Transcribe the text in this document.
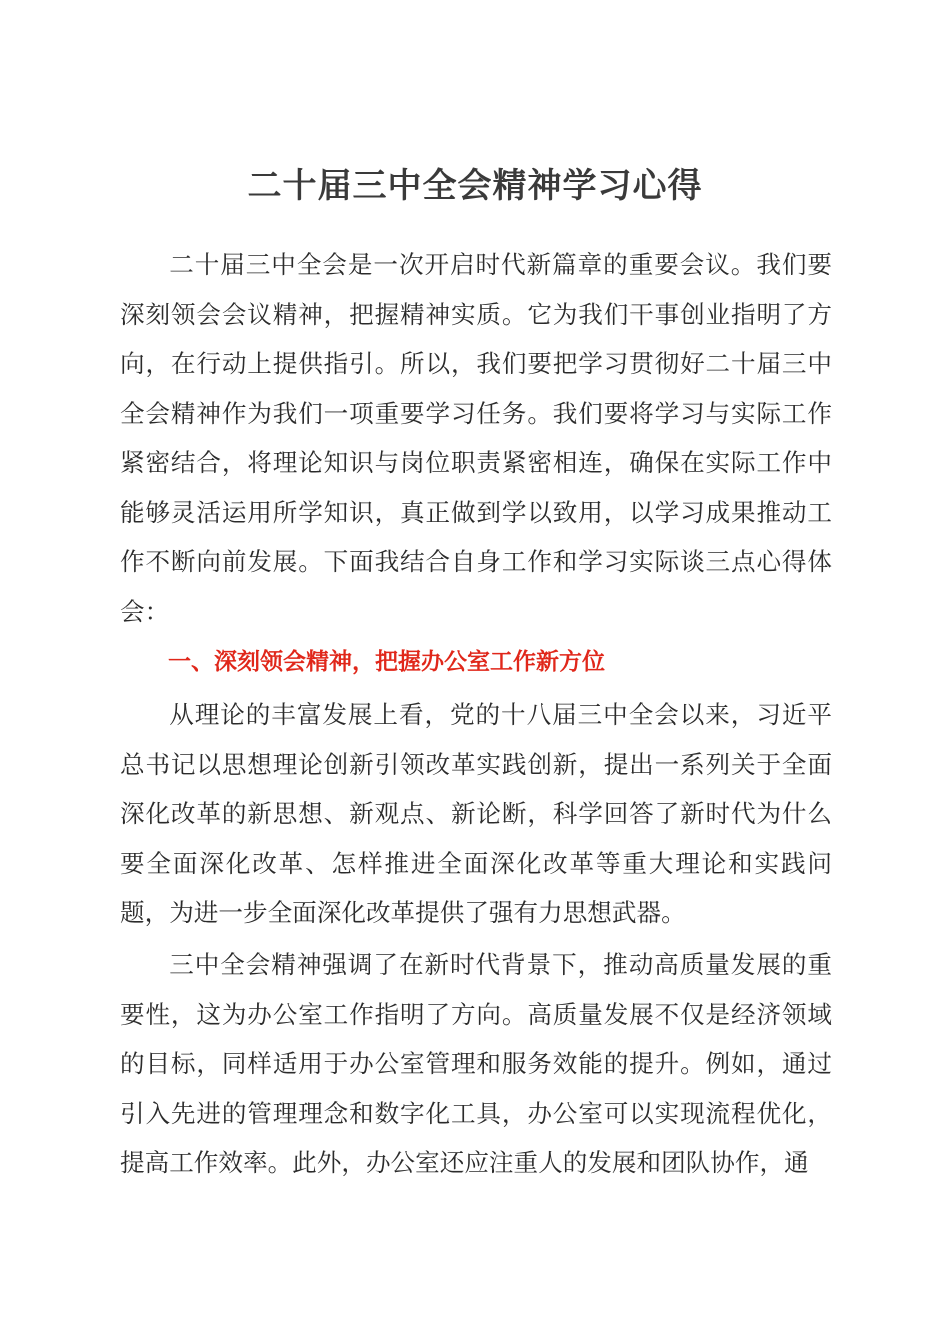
二十届三中全会精神学习心得

二十届三中全会是一次开启时代新篇章的重要会议。我们要深刻领会会议精神，把握精神实质。它为我们干事创业指明了方向，在行动上提供指引。所以，我们要把学习贯彻好二十届三中全会精神作为我们一项重要学习任务。我们要将学习与实际工作紧密结合，将理论知识与岗位职责紧密相连，确保在实际工作中能够灵活运用所学知识，真正做到学以致用，以学习成果推动工作不断向前发展。下面我结合自身工作和学习实际谈三点心得体会：

一、深刻领会精神，把握办公室工作新方位

从理论的丰富发展上看，党的十八届三中全会以来，习近平总书记以思想理论创新引领改革实践创新，提出一系列关于全面深化改革的新思想、新观点、新论断，科学回答了新时代为什么要全面深化改革、怎样推进全面深化改革等重大理论和实践问题，为进一步全面深化改革提供了强有力思想武器。

三中全会精神强调了在新时代背景下，推动高质量发展的重要性，这为办公室工作指明了方向。高质量发展不仅是经济领域的目标，同样适用于办公室管理和服务效能的提升。例如，通过引入先进的管理理念和数字化工具，办公室可以实现流程优化，提高工作效率。此外，办公室还应注重人的发展和团队协作，通
